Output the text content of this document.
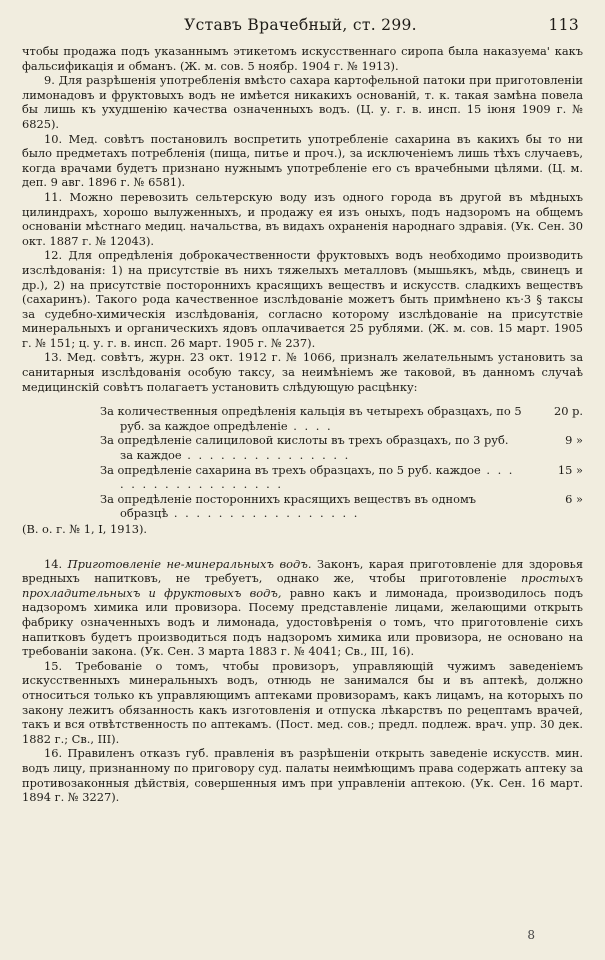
Уставъ Врачебный, ст. 299.	113

чтобы продажа подъ указаннымъ этикетомъ искусственнаго сиропа была наказуема' какъ фальсификація и обманъ. (Ж. м. сов. 5 ноябр. 1904 г. № 1913).

9. Для разрѣшенія употребленія вмѣсто сахара картофельной патоки при приготовленіи лимонадовъ и фруктовыхъ водъ не имѣется никакихъ основаній, т. к. такая замѣна повела бы лишь къ ухудшенію качества означенныхъ водъ. (Ц. у. г. в. инсп. 15 іюня 1909 г. № 6825).

10. Мед. совѣтъ постановилъ воспретить употребленіе сахарина въ какихъ бы то ни было предметахъ потребленія (пища, питье и проч.), за исключеніемъ лишь тѣхъ случаевъ, когда врачами будетъ признано нужнымъ употребленіе его съ врачебными цѣлями. (Ц. м. деп. 9 авг. 1896 г. № 6581).

11. Можно перевозить сельтерскую воду изъ одного города въ другой въ мѣдныхъ цилиндрахъ, хорошо вылуженныхъ, и продажу ея изъ оныхъ, подъ надзоромъ на общемъ основаніи мѣстнаго медиц. начальства, въ видахъ охраненія народнаго здравія. (Ук. Сен. 30 окт. 1887 г. № 12043).

12. Для опредѣленія доброкачественности фруктовыхъ водъ необходимо производить изслѣдованія: 1) на присутствіе въ нихъ тяжелыхъ металловъ (мышьякъ, мѣдь, свинецъ и др.), 2) на присутствіе постороннихъ красящихъ веществъ и искусств. сладкихъ веществъ (сахаринъ). Такого рода качественное изслѣдованіе можетъ быть примѣнено къ·3 § таксы за судебно-химическія изслѣдованія, согласно которому изслѣдованіе на присутствіе минеральныхъ и органическихъ ядовъ оплачивается 25 рублями. (Ж. м. сов. 15 март. 1905 г. № 151; ц. у. г. в. инсп. 26 март. 1905 г. № 237).

13. Мед. совѣтъ, журн. 23 окт. 1912 г. № 1066, призналъ желательнымъ установить за санитарныя изслѣдованія особую таксу, за неимѣніемъ же таковой, въ данномъ случаѣ медицинскій совѣтъ полагаетъ установить слѣдующую расцѣнку:

За количественныя опредѣленія кальція въ четырехъ образцахъ, по 5 руб. за каждое опредѣленіе . . . .
20 р.
За опредѣленіе салициловой кислоты въ трехъ образцахъ, по 3 руб. за каждое . . . . . . . . . . . . . . .
9 »
За опредѣленіе сахарина въ трехъ образцахъ, по 5 руб. каждое . . . . . . . . . . . . . . . . . .
15 »
За опредѣленіе постороннихъ красящихъ веществъ въ одномъ образцѣ . . . . . . . . . . . . . . . . .
6 »
(В. о. г. № 1, I, 1913).

14. Приготовленіе не-минеральныхъ водъ. Законъ, карая приготовленіе для здоровья вредныхъ напитковъ, не требуетъ, однако же, чтобы приготовленіе простыхъ прохладительныхъ и фруктовыхъ водъ, равно какъ и лимонада, производилось подъ надзоромъ химика или провизора. Посему представленіе лицами, желающими открыть фабрику означенныхъ водъ и лимонада, удостовѣренія о томъ, что приготовленіе сихъ напитковъ будетъ производиться подъ надзоромъ химика или провизора, не основано на требованіи закона. (Ук. Сен. 3 марта 1883 г. № 4041; Св., III, 16).

15. Требованіе о томъ, чтобы провизоръ, управляющій чужимъ заведеніемъ искусственныхъ минеральныхъ водъ, отнюдь не занимался бы и въ аптекѣ, должно относиться только къ управляющимъ аптеками провизорамъ, какъ лицамъ, на которыхъ по закону лежитъ обязанность какъ изготовленія и отпуска лѣкарствъ по рецептамъ врачей, такъ и вся отвѣтственность по аптекамъ. (Пост. мед. сов.; предл. подлеж. врач. упр. 30 дек. 1882 г.; Св., III).

16. Правиленъ отказъ губ. правленія въ разрѣшеніи открыть заведеніе искусств. мин. водъ лицу, признанному по приговору суд. палаты неимѣющимъ права содержать аптеку за противозаконныя дѣйствія, совершенныя имъ при управленіи аптекою. (Ук. Сен. 16 март. 1894 г. № 3227).

8
